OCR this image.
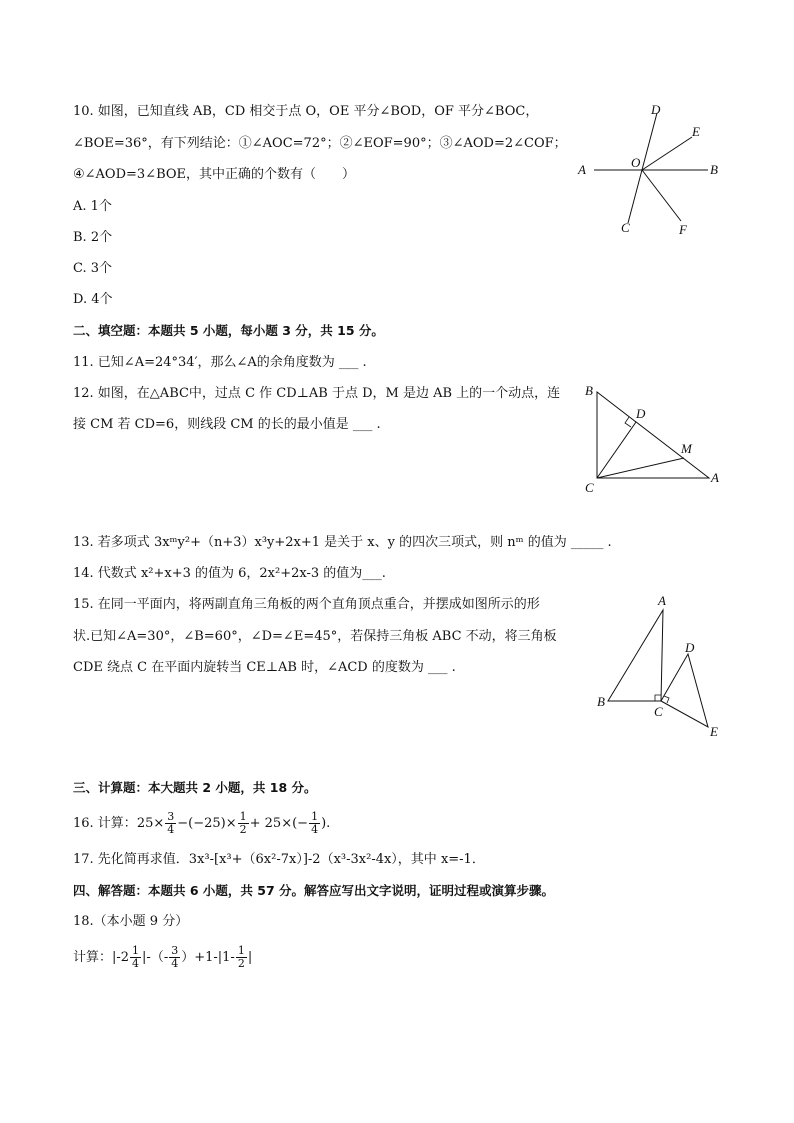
10. 如图，已知直线 AB，CD 相交于点 O，OE 平分∠BOD，OF 平分∠BOC，
∠BOE=36°，有下列结论：①∠AOC=72°；②∠EOF=90°；③∠AOD=2∠COF；
④∠AOD=3∠BOE，其中正确的个数有（　　）
A. 1个
B. 2个
C. 3个
D. 4个
A	B
C
D
E
F
O
二、填空题：本题共 5 小题，每小题 3 分，共 15 分。
11. 已知∠A=24°34′，那么∠A的余角度数为 ___ .
12. 如图，在△ABC中，过点 C 作 CD⊥AB 于点 D，M 是边 AB 上的一个动点，连
接 CM 若 CD=6，则线段 CM 的长的最小值是 ___ .
B
D
M
C
A
13. 若多项式 3xᵐy²+（n+3）x³y+2x+1 是关于 x、y 的四次三项式，则 nᵐ 的值为 _____ .
14. 代数式 x²+x+3 的值为 6，2x²+2x-3 的值为___.
15. 在同一平面内，将两副直角三角板的两个直角顶点重合，并摆成如图所示的形
状.已知∠A=30°，∠B=60°，∠D=∠E=45°，若保持三角板 ABC 不动，将三角板
CDE 绕点 C 在平面内旋转当 CE⊥AB 时，∠ACD 的度数为 ___ .
A
B
C
D
E
三、计算题：本大题共 2 小题，共 18 分。
16. 计算：$25\times \frac{3}{4} -(-25)\times \frac{1}{2} + 25\times(- \frac{1}{4}$ ).
17. 先化简再求值．3x³-[x³+（6x²-7x）]-2（x³-3x²-4x），其中 x=-1．
四、解答题：本题共 6 小题，共 57 分。解答应写出文字说明，证明过程或演算步骤。
18.（本小题 9 分）
计算：$|-2 \frac{1}{4}$ |-（- $\frac{3}{4} )+1-|1- \frac{1}{2}$ |
